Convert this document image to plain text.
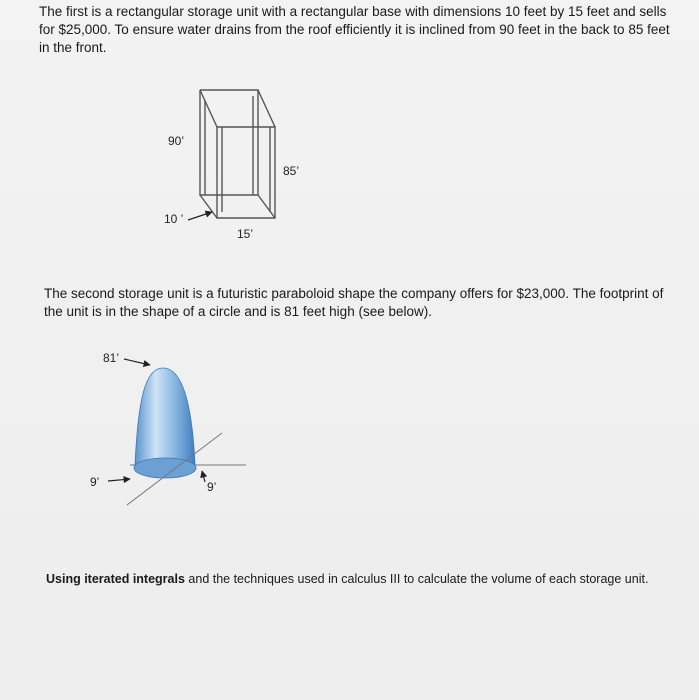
The first is a rectangular storage unit with a rectangular base with dimensions 10 feet by 15 feet and sells for $25,000. To ensure water drains from the roof efficiently it is inclined from 90 feet in the back to 85 feet in the front.

The second storage unit is a futuristic paraboloid shape the company offers for $23,000. The footprint of the unit is in the shape of a circle and is 81 feet high (see below).

Using iterated integrals and the techniques used in calculus III to calculate the volume of each storage unit.

90’
85’
10 ’
15’
81’
9’	9’
